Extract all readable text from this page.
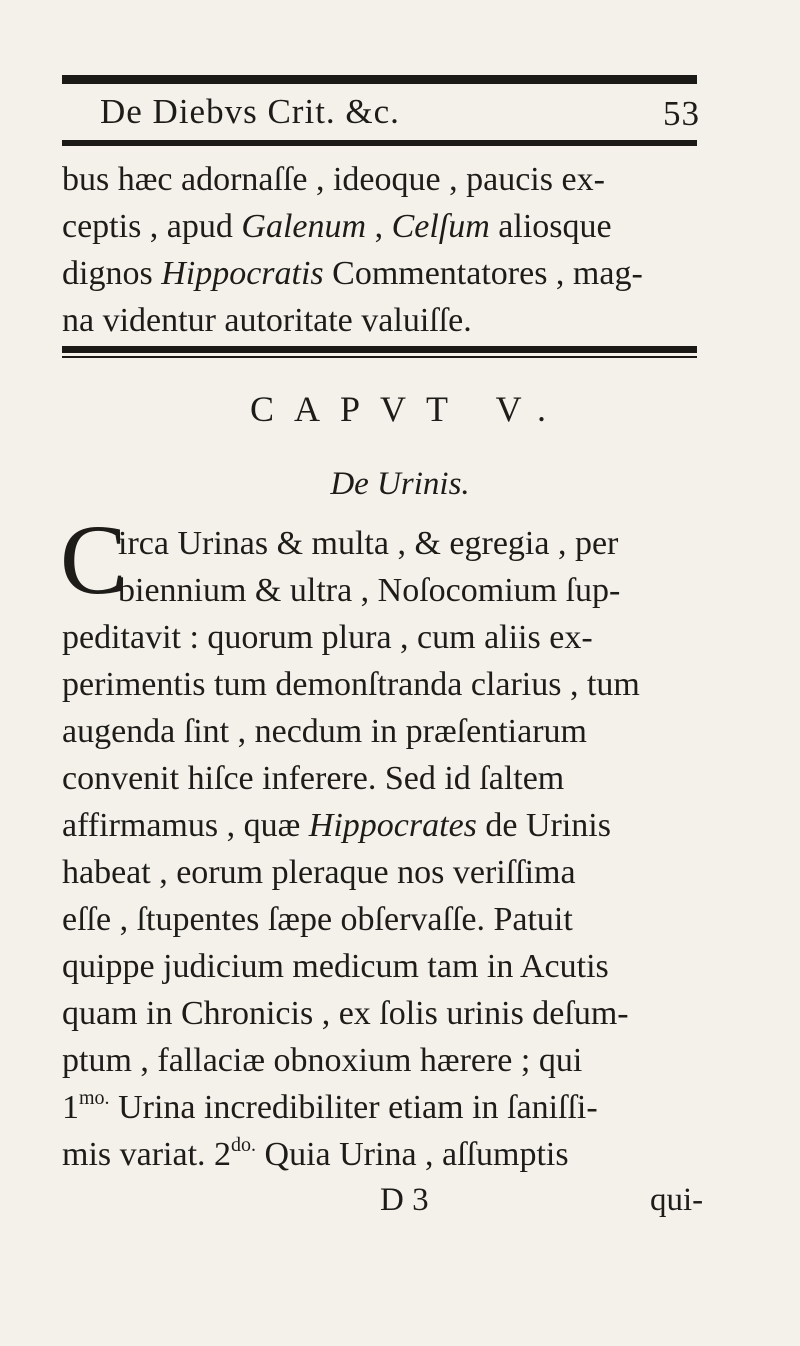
De Diebvs Crit. &c.	53
bus hæc adornaſſe , ideoque , paucis ex-
ceptis , apud Galenum , Celſum aliosque
dignos Hippocratis Commentatores , mag-
na videntur autoritate valuiſſe.
CAPVT V.
De Urinis.
C
irca Urinas & multa , & egregia , per
biennium & ultra , Noſocomium ſup-
peditavit : quorum plura , cum aliis ex-
perimentis tum demonſtranda clarius , tum
augenda ſint , necdum in præſentiarum
convenit hiſce inferere. Sed id ſaltem
affirmamus , quæ Hippocrates de Urinis
habeat , eorum pleraque nos veriſſima
eſſe , ſtupentes ſæpe obſervaſſe. Patuit
quippe judicium medicum tam in Acutis
quam in Chronicis , ex ſolis urinis deſum-
ptum , fallaciæ obnoxium hærere ; qui
$1^{mo.}$ Urina incredibiliter etiam in ſaniſſi-
mis variat. $2^{do.}$ Quia Urina , aſſumptis
D 3	qui-
